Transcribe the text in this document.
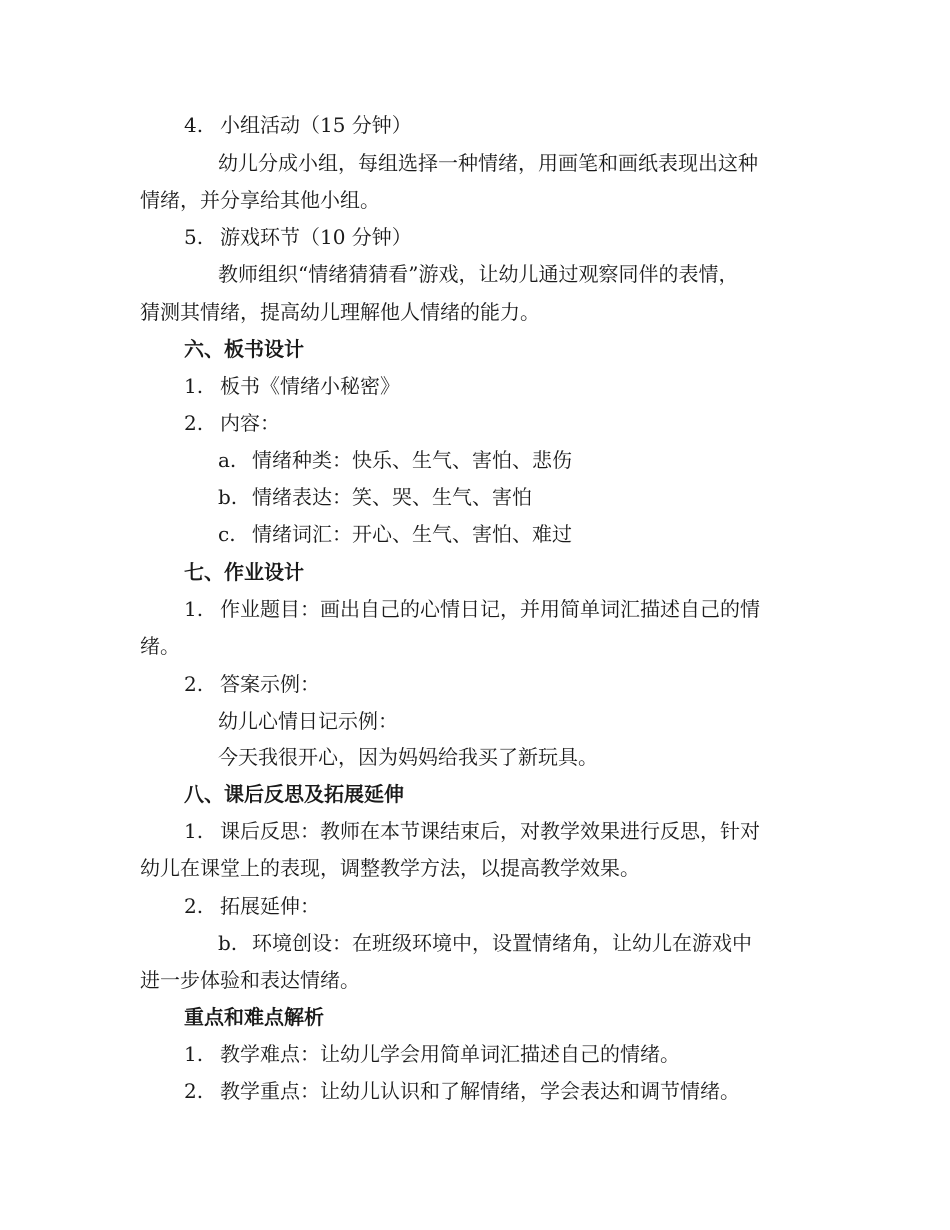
4. 小组活动（15 分钟）
幼儿分成小组，每组选择一种情绪，用画笔和画纸表现出这种
情绪，并分享给其他小组。
5. 游戏环节（10 分钟）
教师组织“情绪猜猜看”游戏，让幼儿通过观察同伴的表情，
猜测其情绪，提高幼儿理解他人情绪的能力。
六、板书设计
1. 板书《情绪小秘密》
2. 内容：
a. 情绪种类：快乐、生气、害怕、悲伤
b. 情绪表达：笑、哭、生气、害怕
c. 情绪词汇：开心、生气、害怕、难过
七、作业设计
1. 作业题目：画出自己的心情日记，并用简单词汇描述自己的情
绪。
2. 答案示例：
幼儿心情日记示例：
今天我很开心，因为妈妈给我买了新玩具。
八、课后反思及拓展延伸
1. 课后反思：教师在本节课结束后，对教学效果进行反思，针对
幼儿在课堂上的表现，调整教学方法，以提高教学效果。
2. 拓展延伸：
b. 环境创设：在班级环境中，设置情绪角，让幼儿在游戏中
进一步体验和表达情绪。
重点和难点解析
1. 教学难点：让幼儿学会用简单词汇描述自己的情绪。
2. 教学重点：让幼儿认识和了解情绪，学会表达和调节情绪。
